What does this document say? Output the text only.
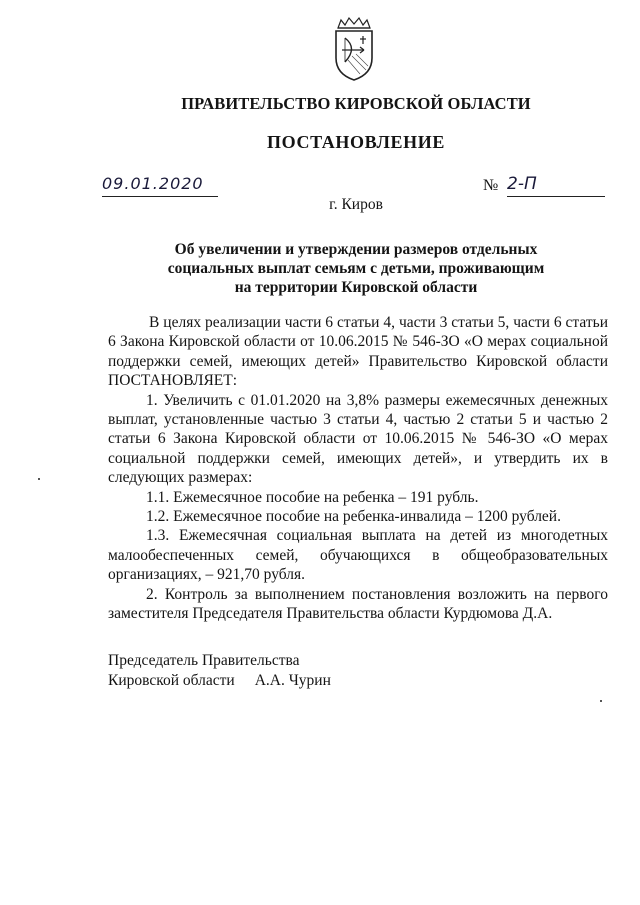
ПРАВИТЕЛЬСТВО КИРОВСКОЙ ОБЛАСТИ
ПОСТАНОВЛЕНИЕ
09.01.2020	№ 2-П
г. Киров
Об увеличении и утверждении размеров отдельных социальных выплат семьям с детьми, проживающим на территории Кировской области

В целях реализации части 6 статьи 4, части 3 статьи 5, части 6 статьи 6 Закона Кировской области от 10.06.2015 № 546-ЗО «О мерах социальной поддержки семей, имеющих детей» Правительство Кировской области ПОСТАНОВЛЯЕТ:

1. Увеличить с 01.01.2020 на 3,8% размеры ежемесячных денежных выплат, установленные частью 3 статьи 4, частью 2 статьи 5 и частью 2 статьи 6 Закона Кировской области от 10.06.2015 № 546-ЗО «О мерах социальной поддержки семей, имеющих детей», и утвердить их в следующих размерах:

1.1. Ежемесячное пособие на ребенка – 191 рубль.

1.2. Ежемесячное пособие на ребенка-инвалида – 1200 рублей.

1.3. Ежемесячная социальная выплата на детей из многодетных малообеспеченных семей, обучающихся в общеобразовательных организациях, – 921,70 рубля.

2. Контроль за выполнением постановления возложить на первого заместителя Председателя Правительства области Курдюмова Д.А.

Председатель Правительства
Кировской области А.А. Чурин
